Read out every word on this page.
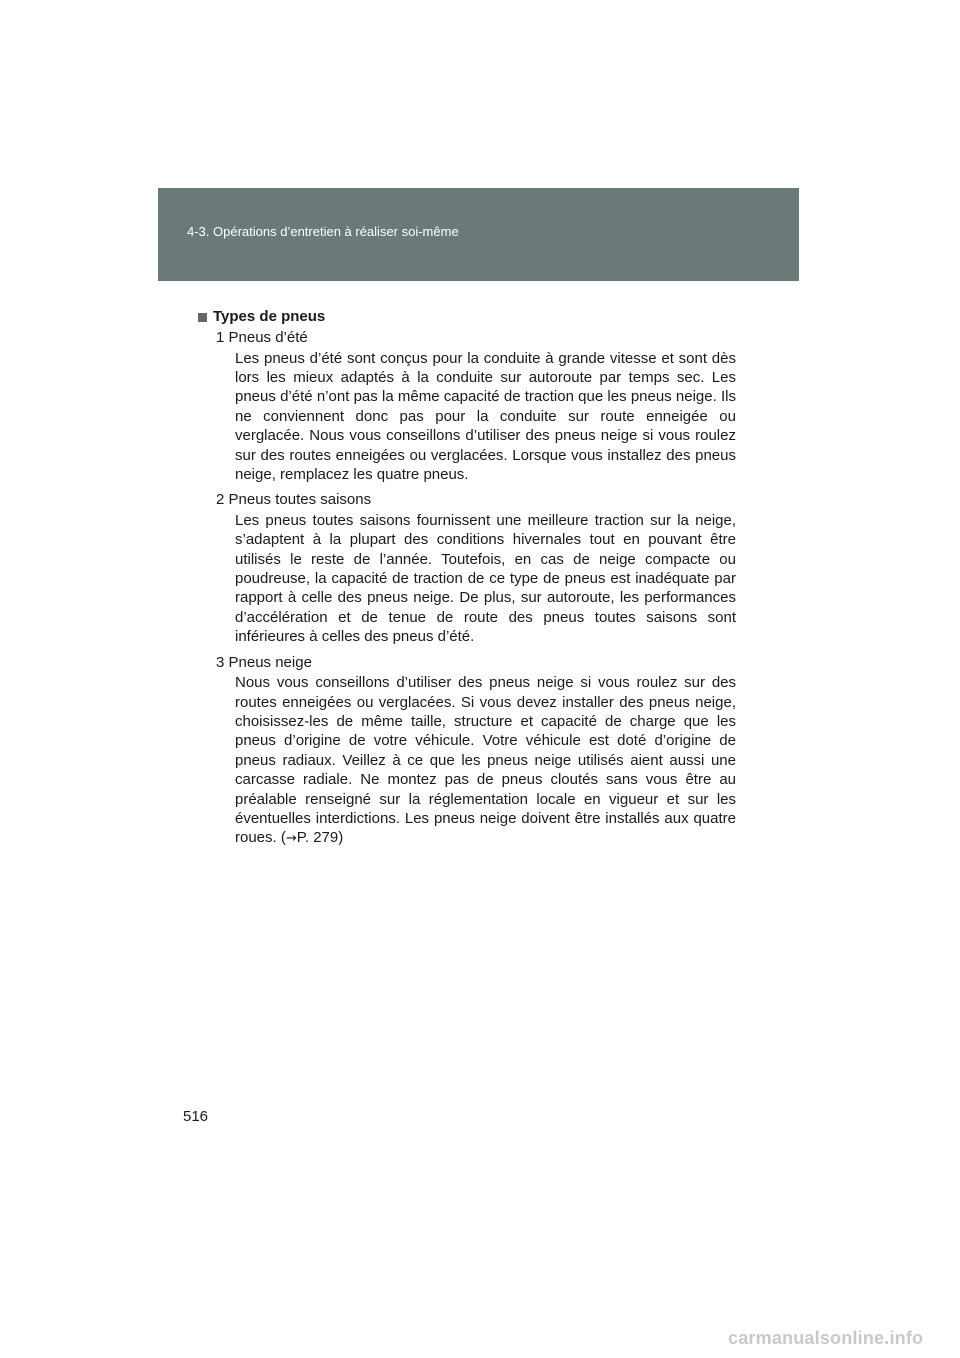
4-3. Opérations d’entretien à réaliser soi-même
Types de pneus
1 Pneus d’été
Les pneus d’été sont conçus pour la conduite à grande vitesse et sont dès lors les mieux adaptés à la conduite sur autoroute par temps sec. Les pneus d’été n’ont pas la même capacité de traction que les pneus neige. Ils ne conviennent donc pas pour la conduite sur route enneigée ou verglacée. Nous vous conseillons d’utiliser des pneus neige si vous roulez sur des routes enneigées ou verglacées. Lorsque vous installez des pneus neige, remplacez les quatre pneus.
2 Pneus toutes saisons
Les pneus toutes saisons fournissent une meilleure traction sur la neige, s’adaptent à la plupart des conditions hivernales tout en pouvant être utilisés le reste de l’année. Toutefois, en cas de neige compacte ou poudreuse, la capacité de traction de ce type de pneus est inadéquate par rapport à celle des pneus neige. De plus, sur autoroute, les performances d’accélération et de tenue de route des pneus toutes saisons sont inférieures à celles des pneus d’été.
3 Pneus neige
Nous vous conseillons d’utiliser des pneus neige si vous roulez sur des routes enneigées ou verglacées. Si vous devez installer des pneus neige, choisissez-les de même taille, structure et capacité de charge que les pneus d’origine de votre véhicule. Votre véhicule est doté d’origine de pneus radiaux. Veillez à ce que les pneus neige utilisés aient aussi une carcasse radiale. Ne montez pas de pneus cloutés sans vous être au préalable renseigné sur la réglementation locale en vigueur et sur les éventuelles interdictions. Les pneus neige doivent être installés aux quatre roues. (→P. 279)
516
carmanualsonline.info
